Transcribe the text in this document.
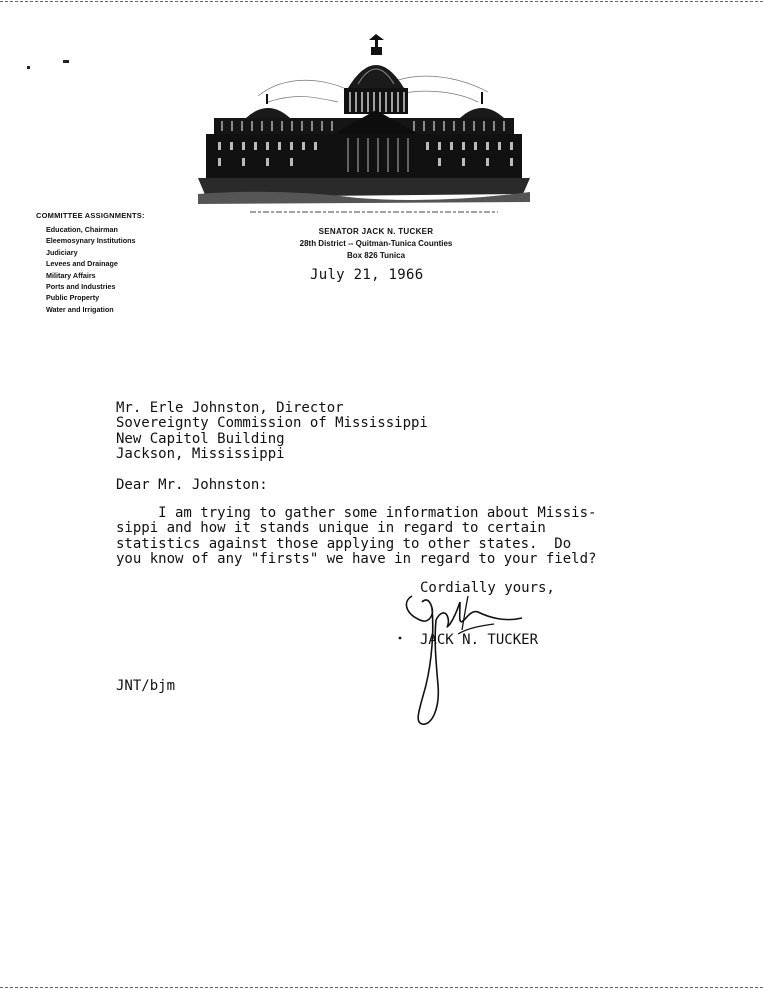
COMMITTEE ASSIGNMENTS:
Education, Chairman
Eleemosynary Institutions
Judiciary
Levees and Drainage
Military Affairs
Ports and Industries
Public Property
Water and Irrigation
SENATOR JACK N. TUCKER
28th District -- Quitman-Tunica Counties
Box 826 Tunica
July 21, 1966
Mr. Erle Johnston, Director
Sovereignty Commission of Mississippi
New Capitol Building
Jackson, Mississippi
Dear Mr. Johnston:
I am trying to gather some information about Missis-
sippi and how it stands unique in regard to certain
statistics against those applying to other states.  Do
you know of any "firsts" we have in regard to your field?
Cordially yours,
JACK N. TUCKER
JNT/bjm
